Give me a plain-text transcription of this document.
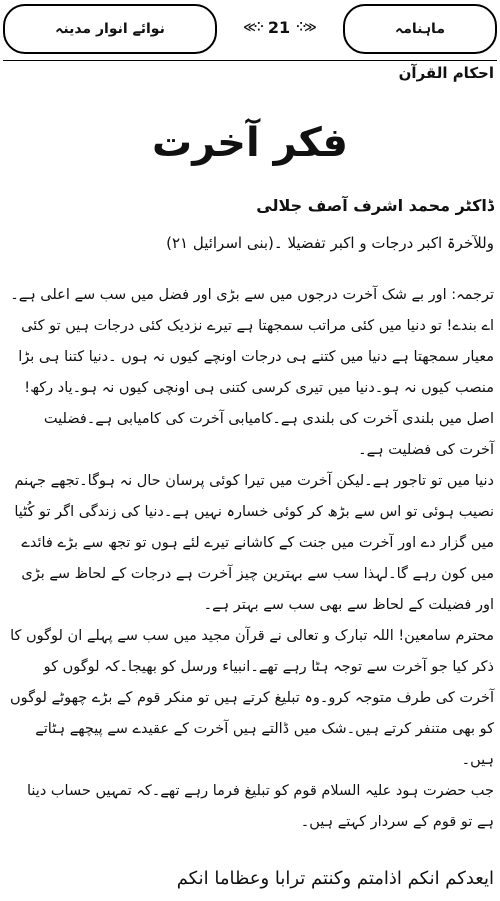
نوائے انوار مدینہ	≪⁘ 21 ⁘≫	ماہنامہ
احکام القرآن
فکر آخرت
ڈاکٹر محمد اشرف آصف جلالی
وللآخرۃ اکبر درجات و اکبر تفضیلا ۔(بنی اسرائیل ۲۱)

ترجمہ: اور بے شک آخرت درجوں میں سے بڑی اور فضل میں سب سے اعلی ہے۔

اے بندے! تو دنیا میں کئی مراتب سمجھتا ہے تیرے نزدیک کئی درجات ہیں تو کئی معیار سمجھتا ہے دنیا میں کتنے ہی درجات اونچے کیوں نہ ہوں ۔دنیا کتنا ہی بڑا منصب کیوں نہ ہو۔دنیا میں تیری کرسی کتنی ہی اونچی کیوں نہ ہو۔یاد رکھ! اصل میں بلندی آخرت کی بلندی ہے۔کامیابی آخرت کی کامیابی ہے۔فضلیت آخرت کی فضلیت ہے۔

دنیا میں تو تاجور ہے۔لیکن آخرت میں تیرا کوئی پرسان حال نہ ہوگا۔تجھے جہنم نصیب ہوئی تو اس سے بڑھ کر کوئی خسارہ نہیں ہے۔دنیا کی زندگی اگر تو کُٹیا میں گزار دے اور آخرت میں جنت کے کاشانے تیرے لئے ہوں تو تجھ سے بڑے فائدے میں کون رہے گا۔لہذا سب سے بہترین چیز آخرت ہے درجات کے لحاظ سے بڑی اور فضیلت کے لحاظ سے بھی سب سے بہتر ہے۔

محترم سامعین! اللہ تبارک و تعالی نے قرآن مجید میں سب سے پہلے ان لوگوں کا ذکر کیا جو آخرت سے توجہ ہٹا رہے تھے۔انبیاء ورسل کو بھیجا۔کہ لوگوں کو آخرت کی طرف متوجہ کرو۔وہ تبلیغ کرتے ہیں تو منکر قوم کے بڑے چھوٹے لوگوں کو بھی متنفر کرتے ہیں۔شک میں ڈالتے ہیں آخرت کے عقیدے سے پیچھے ہٹاتے ہیں۔

جب حضرت ہود علیہ السلام قوم کو تبلیغ فرما رہے تھے۔کہ تمہیں حساب دینا ہے تو قوم کے سردار کہتے ہیں۔

ایعدکم انکم اذامتم وکنتم ترابا وعظاما انکم
